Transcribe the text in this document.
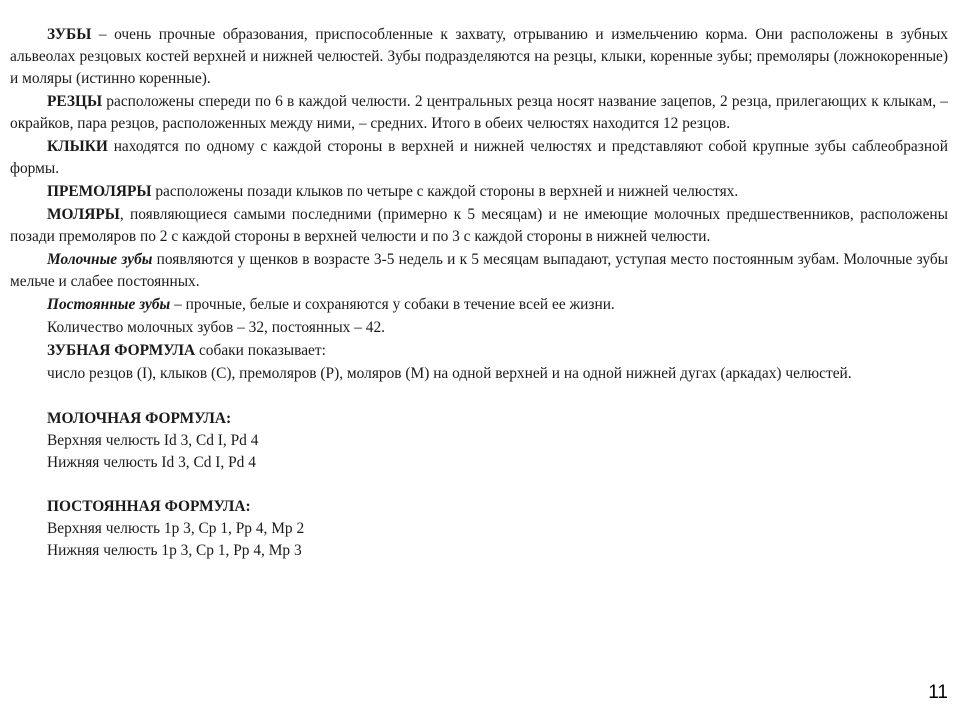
ЗУБЫ – очень прочные образования, приспособленные к захвату, отрыванию и измельчению корма. Они расположены в зубных альвеолах резцовых костей верхней и нижней челюстей. Зубы подразделяются на резцы, клыки, коренные зубы; премоляры (ложнокоренные) и моляры (истинно коренные).

РЕЗЦЫ расположены спереди по 6 в каждой челюсти. 2 центральных резца носят название зацепов, 2 резца, прилегающих к клыкам, – окрайков, пара резцов, расположенных между ними, – средних. Итого в обеих челюстях находится 12 резцов.

КЛЫКИ находятся по одному с каждой стороны в верхней и нижней челюстях и представляют собой крупные зубы саблеобразной формы.

ПРЕМОЛЯРЫ расположены позади клыков по четыре с каждой стороны в верхней и нижней челюстях.

МОЛЯРЫ, появляющиеся самыми последними (примерно к 5 месяцам) и не имеющие молочных предшественников, расположены позади премоляров по 2 с каждой стороны в верхней челюсти и по 3 с каждой стороны в нижней челюсти.

Молочные зубы появляются у щенков в возрасте 3-5 недель и к 5 месяцам выпадают, уступая место постоянным зубам. Молочные зубы мельче и слабее постоянных.

Постоянные зубы – прочные, белые и сохраняются у собаки в течение всей ее жизни.

Количество молочных зубов – 32, постоянных – 42.

ЗУБНАЯ ФОРМУЛА собаки показывает:

число резцов (I), клыков (C), премоляров (P), моляров (M) на одной верхней и на одной нижней дугах (аркадах) челюстей.

МОЛОЧНАЯ ФОРМУЛА:

Верхняя челюсть Id 3, Cd I, Pd 4

Нижняя челюсть Id 3, Cd I, Pd 4

ПОСТОЯННАЯ ФОРМУЛА:

Верхняя челюсть 1p 3, Cp 1, Pp 4, Mp 2

Нижняя челюсть 1p 3, Cp 1, Pp 4, Mp 3

11
